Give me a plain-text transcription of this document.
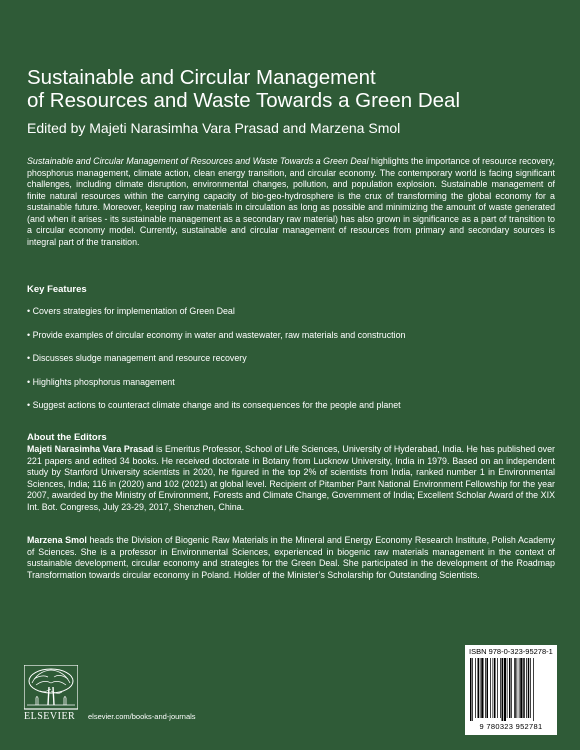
Sustainable and Circular Management
of Resources and Waste Towards a Green Deal

Edited by Majeti Narasimha Vara Prasad and Marzena Smol

Sustainable and Circular Management of Resources and Waste Towards a Green Deal highlights the importance of resource recovery, phosphorus management, climate action, clean energy transition, and circular economy. The contemporary world is facing significant challenges, including climate disruption, environmental changes, pollution, and population explosion. Sustainable management of finite natural resources within the carrying capacity of bio-geo-hydrosphere is the crux of transforming the global economy for a sustainable future. Moreover, keeping raw materials in circulation as long as possible and minimizing the amount of waste generated (and when it arises - its sustainable management as a secondary raw material) has also grown in significance as a part of transition to a circular economy model. Currently, sustainable and circular management of resources from primary and secondary sources is integral part of the transition.

Key Features

• Covers strategies for implementation of Green Deal
• Provide examples of circular economy in water and wastewater, raw materials and construction
• Discusses sludge management and resource recovery
• Highlights phosphorus management
• Suggest actions to counteract climate change and its consequences for the people and planet

About the Editors

Majeti Narasimha Vara Prasad is Emeritus Professor, School of Life Sciences, University of Hyderabad, India. He has published over 221 papers and edited 34 books. He received doctorate in Botany from Lucknow University, India in 1979. Based on an independent study by Stanford University scientists in 2020, he figured in the top 2% of scientists from India, ranked number 1 in Environmental Sciences, India; 116 in (2020) and 102 (2021) at global level. Recipient of Pitamber Pant National Environment Fellowship for the year 2007, awarded by the Ministry of Environment, Forests and Climate Change, Government of India; Excellent Scholar Award of the XIX Int. Bot. Congress, July 23-29, 2017, Shenzhen, China.

Marzena Smol heads the Division of Biogenic Raw Materials in the Mineral and Energy Economy Research Institute, Polish Academy of Sciences. She is a professor in Environmental Sciences, experienced in biogenic raw materials management in the context of sustainable development, circular economy and strategies for the Green Deal. She participated in the development of the Roadmap Transformation towards circular economy in Poland. Holder of the Minister’s Scholarship for Outstanding Scientists.

ELSEVIER elsevier.com/books-and-journals
ISBN 978-0-323-95278-1
9 780323 952781
